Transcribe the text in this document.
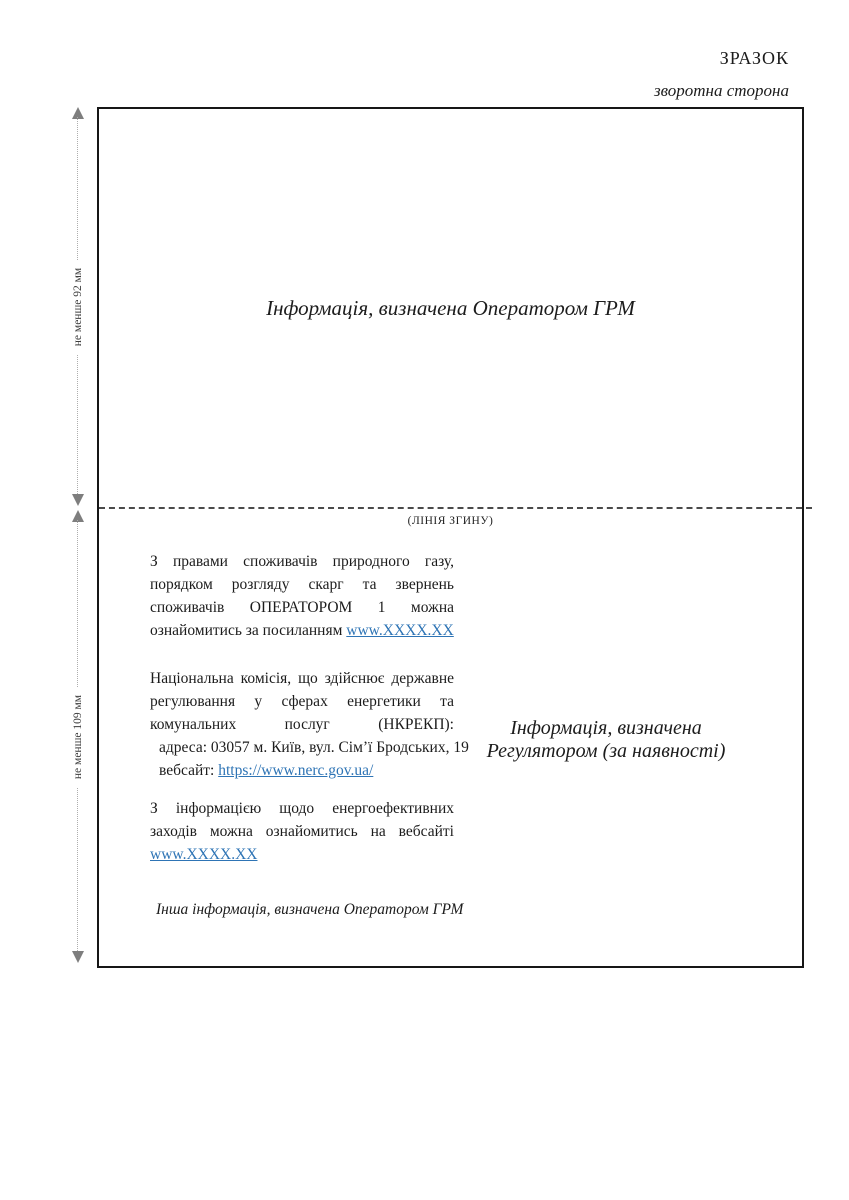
ЗРАЗОК
зворотна сторона
не менше 92 мм
не менше 109 мм
Інформація, визначена Оператором ГРМ
(ЛІНІЯ ЗГИНУ)
З правами споживачів природного газу, порядком розгляду скарг та звернень споживачів ОПЕРАТОРОМ 1 можна ознайомитись за посиланням www.XXXX.XX
Національна комісія, що здійснює державне регулювання у сферах енергетики та комунальних послуг (НКРЕКП):
адреса: 03057 м. Київ, вул. Сім’ї Бродських, 19
вебсайт: https://www.nerc.gov.ua/
З інформацією щодо енергоефективних заходів можна ознайомитись на вебсайті
www.XXXX.XX
Інша інформація, визначена Оператором ГРМ
Інформація, визначена
Регулятором (за наявності)
